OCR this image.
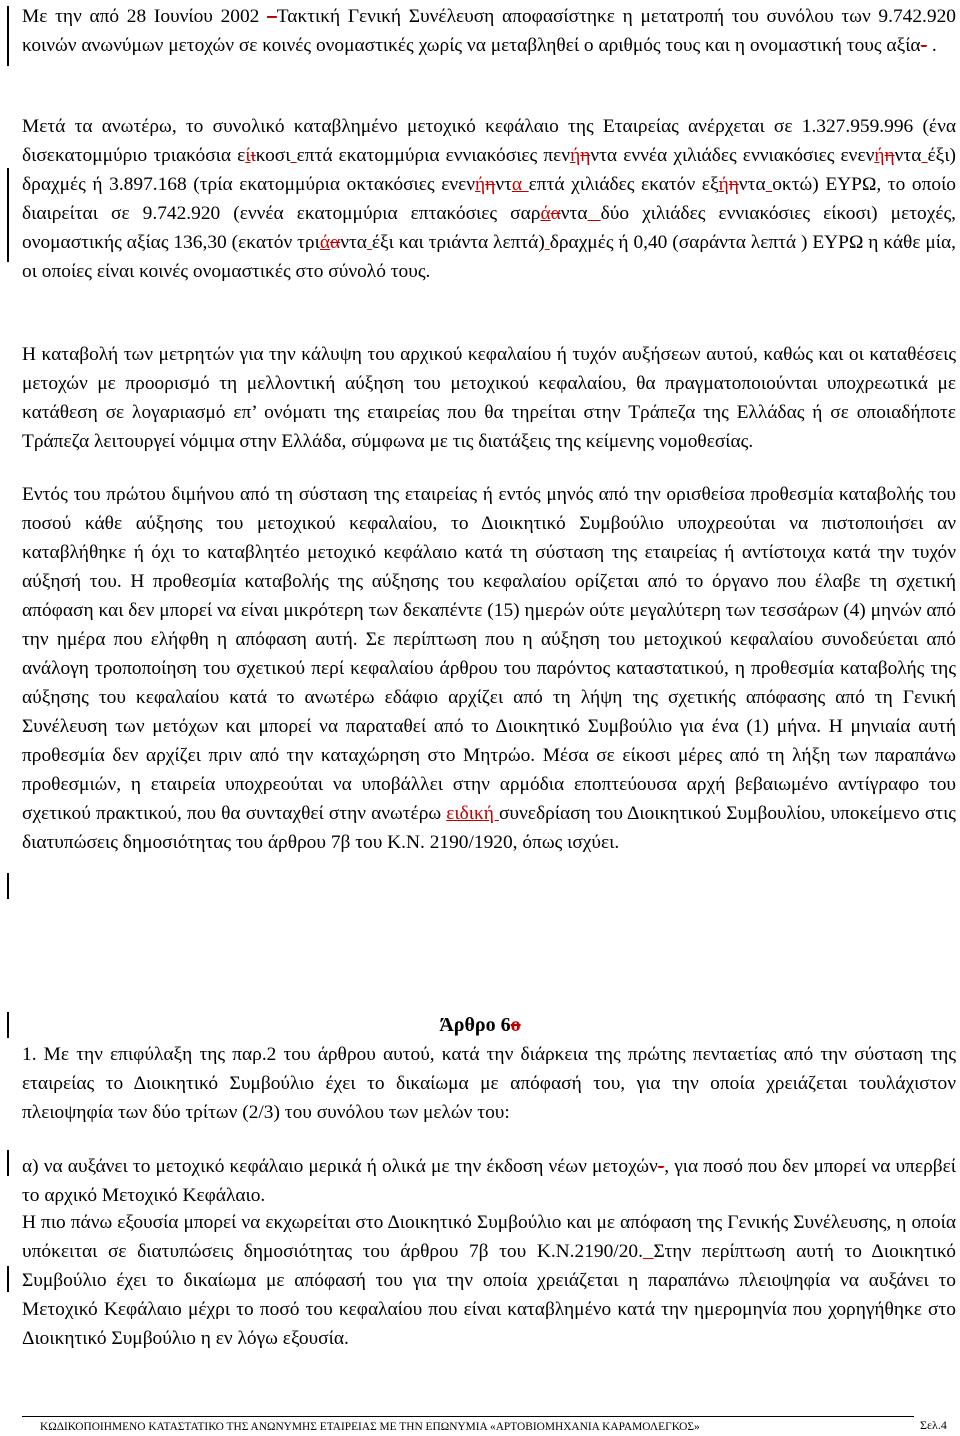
Με την από 28 Ιουνίου 2002 –Τακτική Γενική Συνέλευση αποφασίστηκε η μετατροπή του συνόλου των 9.742.920 κοινών ανωνύμων μετοχών σε κοινές ονομαστικές χωρίς να μεταβληθεί ο αριθμός τους και η ονομαστική τους αξία- .

Μετά τα ανωτέρω, το συνολικό καταβλημένο μετοχικό κεφάλαιο της Εταιρείας ανέρχεται σε 1.327.959.996 (ένα δισεκατομμύριο τριακόσια είικοσι επτά εκατομμύρια εννιακόσιες πενήηντα εννέα χιλιάδες εννιακόσιες ενενήηντα έξι) δραχμές ή 3.897.168 (τρία εκατομμύρια οκτακόσιες ενενήηντα επτά χιλιάδες εκατόν εξήηντα οκτώ) ΕΥΡΩ, το οποίο διαιρείται σε 9.742.920 (εννέα εκατομμύρια επτακόσιες σαράαντα δύο χιλιάδες εννιακόσιες είκοσι) μετοχές, ονομαστικής αξίας 136,30 (εκατόν τριάαντα έξι και τριάντα λεπτά) δραχμές ή 0,40 (σαράντα λεπτά ) ΕΥΡΩ η κάθε μία, οι οποίες είναι κοινές ονομαστικές στο σύνολό τους.

Η καταβολή των μετρητών για την κάλυψη του αρχικού κεφαλαίου ή τυχόν αυξήσεων αυτού, καθώς και οι καταθέσεις μετοχών με προορισμό τη μελλοντική αύξηση του μετοχικού κεφαλαίου, θα πραγματοποιούνται υποχρεωτικά με κατάθεση σε λογαριασμό επ’ ονόματι της εταιρείας που θα τηρείται στην Τράπεζα της Ελλάδας ή σε οποιαδήποτε Τράπεζα λειτουργεί νόμιμα στην Ελλάδα, σύμφωνα με τις διατάξεις της κείμενης νομοθεσίας.

Εντός του πρώτου διμήνου από τη σύσταση της εταιρείας ή εντός μηνός από την ορισθείσα προθεσμία καταβολής του ποσού κάθε αύξησης του μετοχικού κεφαλαίου, το Διοικητικό Συμβούλιο υποχρεούται να πιστοποιήσει αν καταβλήθηκε ή όχι το καταβλητέο μετοχικό κεφάλαιο κατά τη σύσταση της εταιρείας ή αντίστοιχα κατά την τυχόν αύξησή του. Η προθεσμία καταβολής της αύξησης του κεφαλαίου ορίζεται από το όργανο που έλαβε τη σχετική απόφαση και δεν μπορεί να είναι μικρότερη των δεκαπέντε (15) ημερών ούτε μεγαλύτερη των τεσσάρων (4) μηνών από την ημέρα που ελήφθη η απόφαση αυτή. Σε περίπτωση που η αύξηση του μετοχικού κεφαλαίου συνοδεύεται από ανάλογη τροποποίηση του σχετικού περί κεφαλαίου άρθρου του παρόντος καταστατικού, η προθεσμία καταβολής της αύξησης του κεφαλαίου κατά το ανωτέρω εδάφιο αρχίζει από τη λήψη της σχετικής απόφασης από τη Γενική Συνέλευση των μετόχων και μπορεί να παραταθεί από το Διοικητικό Συμβούλιο για ένα (1) μήνα. Η μηνιαία αυτή προθεσμία δεν αρχίζει πριν από την καταχώρηση στο Μητρώο. Μέσα σε είκοσι μέρες από τη λήξη των παραπάνω προθεσμιών, η εταιρεία υποχρεούται να υποβάλλει στην αρμόδια εποπτεύουσα αρχή βεβαιωμένο αντίγραφο του σχετικού πρακτικού, που θα συνταχθεί στην ανωτέρω ειδική συνεδρίαση του Διοικητικού Συμβουλίου, υποκείμενο στις διατυπώσεις δημοσιότητας του άρθρου 7β του Κ.Ν. 2190/1920, όπως ισχύει.

Άρθρο 6ο

1. Με την επιφύλαξη της παρ.2 του άρθρου αυτού, κατά την διάρκεια της πρώτης πενταετίας από την σύσταση της εταιρείας το Διοικητικό Συμβούλιο έχει το δικαίωμα με απόφασή του, για την οποία χρειάζεται τουλάχιστον πλειοψηφία των δύο τρίτων (2/3) του συνόλου των μελών του:

α) να αυξάνει το μετοχικό κεφάλαιο μερικά ή ολικά με την έκδοση νέων μετοχών-, για ποσό που δεν μπορεί να υπερβεί το αρχικό Μετοχικό Κεφάλαιο.

Η πιο πάνω εξουσία μπορεί να εκχωρείται στο Διοικητικό Συμβούλιο και με απόφαση της Γενικής Συνέλευσης, η οποία υπόκειται σε διατυπώσεις δημοσιότητας του άρθρου 7β του Κ.Ν.2190/20. Στην περίπτωση αυτή το Διοικητικό Συμβούλιο έχει το δικαίωμα με απόφασή του για την οποία χρειάζεται η παραπάνω πλειοψηφία να αυξάνει το Μετοχικό Κεφάλαιο μέχρι το ποσό του κεφαλαίου που είναι καταβλημένο κατά την ημερομηνία που χορηγήθηκε στο Διοικητικό Συμβούλιο η εν λόγω εξουσία.

ΚΩΔΙΚΟΠΟΙΗΜΕΝΟ ΚΑΤΑΣΤΑΤΙΚΟ ΤΗΣ ΑΝΩΝΥΜΗΣ ΕΤΑΙΡΕΙΑΣ ΜΕ ΤΗΝ ΕΠΩΝΥΜΙΑ «ΑΡΤΟΒΙΟΜΗΧΑΝΙΑ ΚΑΡΑΜΟΛΕΓΚΟΣ»	Σελ.4
